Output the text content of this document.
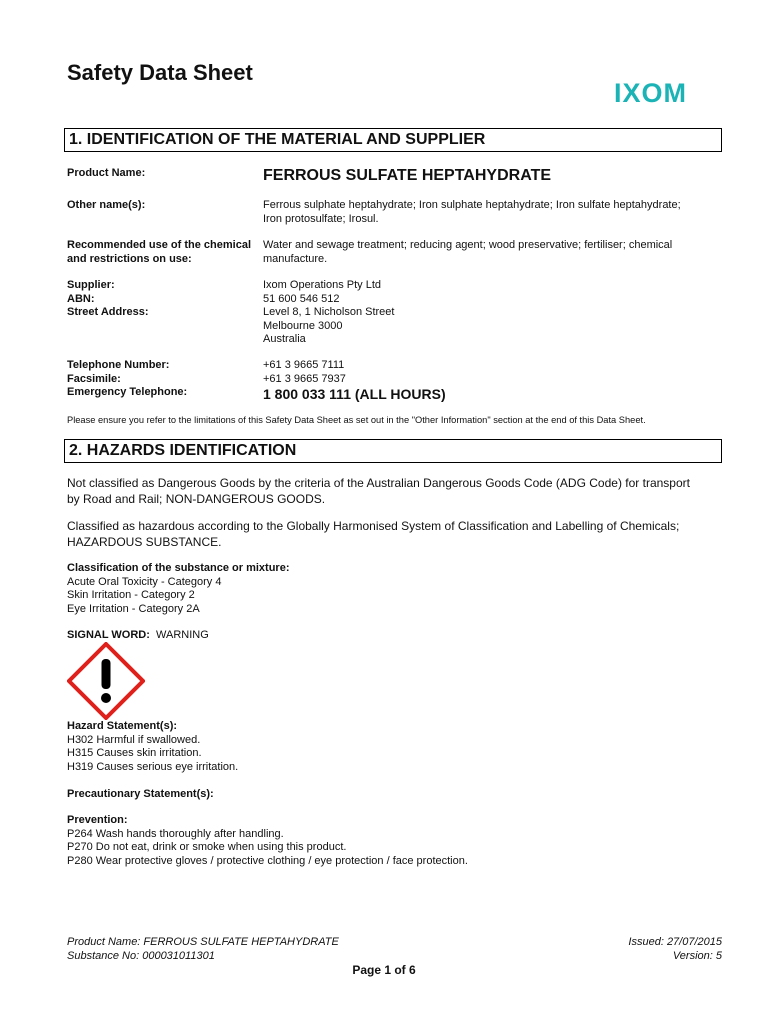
Safety Data Sheet
IXOM
1. IDENTIFICATION OF THE MATERIAL AND SUPPLIER
Product Name:	FERROUS SULFATE HEPTAHYDRATE
Other name(s):	Ferrous sulphate heptahydrate; Iron sulphate heptahydrate; Iron sulfate heptahydrate;
Iron protosulfate; Irosul.
Recommended use of the chemical
and restrictions on use:
Water and sewage treatment; reducing agent; wood preservative; fertiliser; chemical
manufacture.
Supplier:
ABN:
Street Address:
Ixom Operations Pty Ltd
51 600 546 512
Level 8, 1 Nicholson Street
Melbourne 3000
Australia
Telephone Number:
Facsimile:
Emergency Telephone:
+61 3 9665 7111
+61 3 9665 7937
1 800 033 111 (ALL HOURS)
Please ensure you refer to the limitations of this Safety Data Sheet as set out in the "Other Information" section at the end of this Data Sheet.
2. HAZARDS IDENTIFICATION
Not classified as Dangerous Goods by the criteria of the Australian Dangerous Goods Code (ADG Code) for transport
by Road and Rail; NON-DANGEROUS GOODS.
Classified as hazardous according to the Globally Harmonised System of Classification and Labelling of Chemicals;
HAZARDOUS SUBSTANCE.
Classification of the substance or mixture:
Acute Oral Toxicity - Category 4
Skin Irritation - Category 2
Eye Irritation - Category 2A
SIGNAL WORD: WARNING
Hazard Statement(s):
H302 Harmful if swallowed.
H315 Causes skin irritation.
H319 Causes serious eye irritation.
Precautionary Statement(s):
Prevention:
P264 Wash hands thoroughly after handling.
P270 Do not eat, drink or smoke when using this product.
P280 Wear protective gloves / protective clothing / eye protection / face protection.
Product Name: FERROUS SULFATE HEPTAHYDRATE
Substance No: 000031011301
Issued: 27/07/2015
Version: 5
Page 1 of 6
